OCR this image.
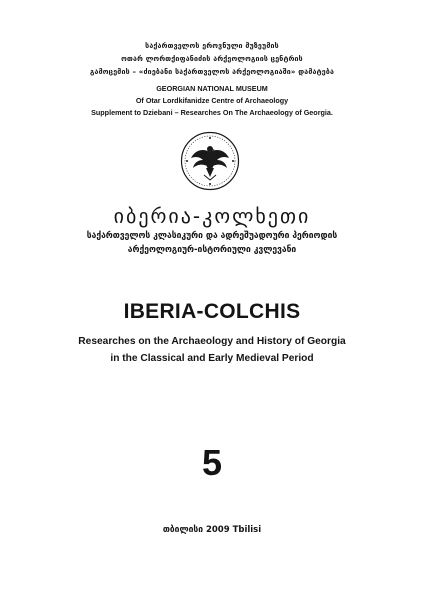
საქართველოს ეროვნული მუზეუმის
ოთარ ლორთქიფანიძის არქეოლოგიის ცენტრის
გამოცემის – «ძიებანი საქართველოს არქეოლოგიაში» დამატება
GEORGIAN NATIONAL MUSEUM
Of Otar Lordkifanidze Centre of Archaeology
Supplement to Dziebani – Researches On The Archaeology of Georgia.
იბერია-კოლხეთი
საქართველოს კლასიკური და ადრეშუადოური პერიოდის
არქეოლოგიურ-ისტორიული კვლევანი
IBERIA-COLCHIS
Researches on the Archaeology and History of Georgia
in the Classical and Early Medieval Period
5
თბილისი 2009 Tbilisi
